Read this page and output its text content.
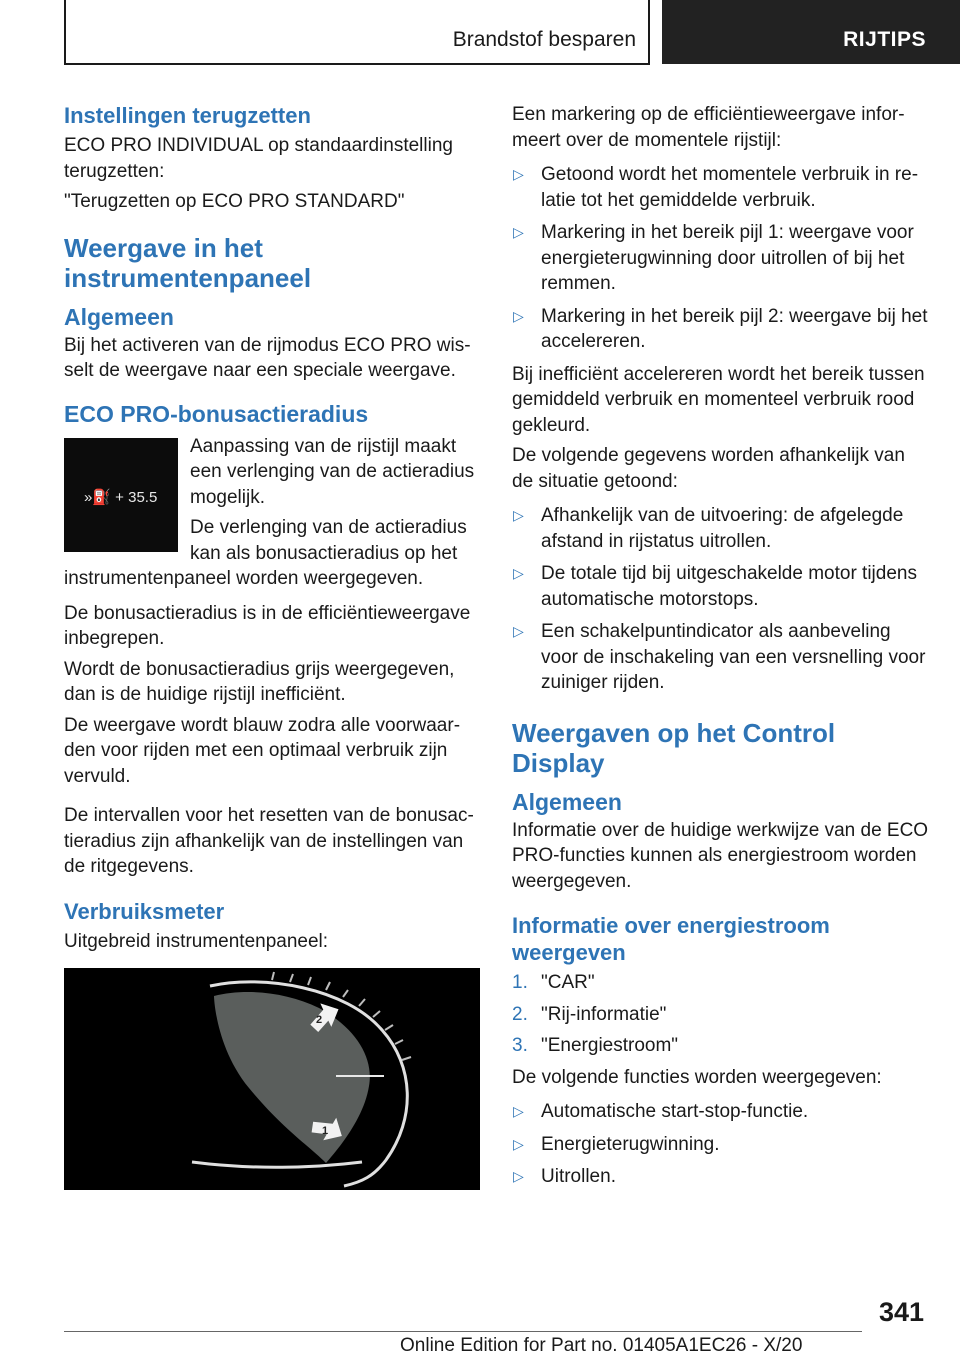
Brandstof besparen	RIJTIPS
Instellingen terugzetten

ECO PRO INDIVIDUAL op standaardinstelling terugzetten:

"Terugzetten op ECO PRO STANDARD"

Weergave in het instrumentenpaneel
Algemeen

Bij het activeren van de rijmodus ECO PRO wisselt de weergave naar een speciale weergave.

ECO PRO-bonusactieradius
»⛽ + 35.5

Aanpassing van de rijstijl maakt een verlenging van de actieradius mogelijk.

De verlenging van de actieradius kan als bonusactieradius op het instrumentenpaneel worden weergegeven.

De bonusactieradius is in de efficiëntieweergave inbegrepen.

Wordt de bonusactieradius grijs weergegeven, dan is de huidige rijstijl inefficiënt.

De weergave wordt blauw zodra alle voorwaarden voor rijden met een optimaal verbruik zijn vervuld.

De intervallen voor het resetten van de bonusactieradius zijn afhankelijk van de instellingen van de ritgegevens.

Verbruiksmeter

Uitgebreid instrumentenpaneel:

2
1

Een markering op de efficiëntieweergave informeert over de momentele rijstijl:

▷ Getoond wordt het momentele verbruik in relatie tot het gemiddelde verbruik.
▷ Markering in het bereik pijl 1: weergave voor energieterugwinning door uitrollen of bij het remmen.
▷ Markering in het bereik pijl 2: weergave bij het accelereren.

Bij inefficiënt accelereren wordt het bereik tussen gemiddeld verbruik en momenteel verbruik rood gekleurd.

De volgende gegevens worden afhankelijk van de situatie getoond:

▷ Afhankelijk van de uitvoering: de afgelegde afstand in rijstatus uitrollen.
▷ De totale tijd bij uitgeschakelde motor tijdens automatische motorstops.
▷ Een schakelpuntindicator als aanbeveling voor de inschakeling van een versnelling voor zuiniger rijden.
Weergaven op het Control Display
Algemeen

Informatie over de huidige werkwijze van de ECO PRO-functies kunnen als energiestroom worden weergegeven.

Informatie over energiestroom weergeven
1. "CAR"
2. "Rij-informatie"
3. "Energiestroom"

De volgende functies worden weergegeven:

▷ Automatische start-stop-functie.
▷ Energieterugwinning.
▷ Uitrollen.
341
Online Edition for Part no. 01405A1EC26 - X/20
